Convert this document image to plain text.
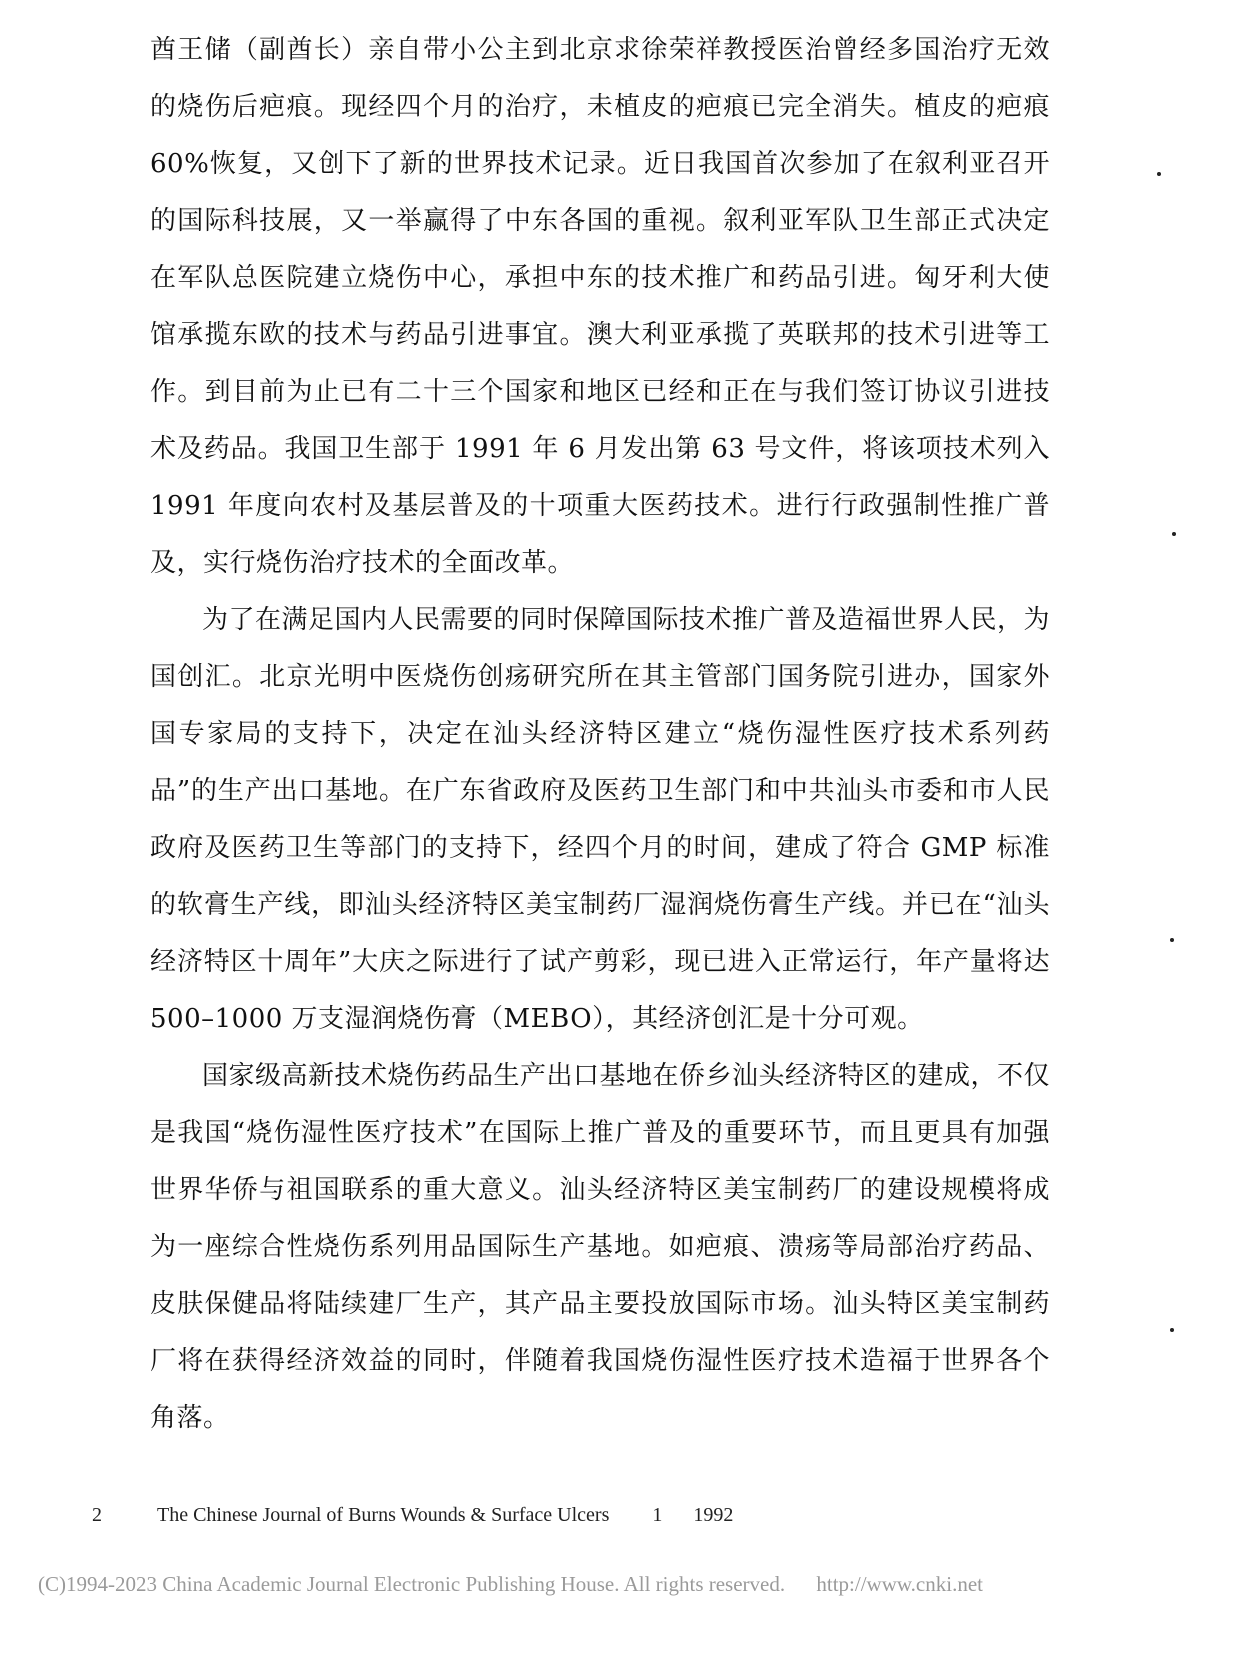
酋王储（副酋长）亲自带小公主到北京求徐荣祥教授医治曾经多国治疗无效的烧伤后疤痕。现经四个月的治疗，未植皮的疤痕已完全消失。植皮的疤痕 60%恢复，又创下了新的世界技术记录。近日我国首次参加了在叙利亚召开的国际科技展，又一举赢得了中东各国的重视。叙利亚军队卫生部正式决定在军队总医院建立烧伤中心，承担中东的技术推广和药品引进。匈牙利大使馆承揽东欧的技术与药品引进事宜。澳大利亚承揽了英联邦的技术引进等工作。到目前为止已有二十三个国家和地区已经和正在与我们签订协议引进技术及药品。我国卫生部于 1991 年 6 月发出第 63 号文件，将该项技术列入 1991 年度向农村及基层普及的十项重大医药技术。进行行政强制性推广普及，实行烧伤治疗技术的全面改革。

为了在满足国内人民需要的同时保障国际技术推广普及造福世界人民，为国创汇。北京光明中医烧伤创疡研究所在其主管部门国务院引进办，国家外国专家局的支持下，决定在汕头经济特区建立“烧伤湿性医疗技术系列药品”的生产出口基地。在广东省政府及医药卫生部门和中共汕头市委和市人民政府及医药卫生等部门的支持下，经四个月的时间，建成了符合 GMP 标准的软膏生产线，即汕头经济特区美宝制药厂湿润烧伤膏生产线。并已在“汕头经济特区十周年”大庆之际进行了试产剪彩，现已进入正常运行，年产量将达 500–1000 万支湿润烧伤膏（MEBO），其经济创汇是十分可观。

国家级高新技术烧伤药品生产出口基地在侨乡汕头经济特区的建成，不仅是我国“烧伤湿性医疗技术”在国际上推广普及的重要环节，而且更具有加强世界华侨与祖国联系的重大意义。汕头经济特区美宝制药厂的建设规模将成为一座综合性烧伤系列用品国际生产基地。如疤痕、溃疡等局部治疗药品、皮肤保健品将陆续建厂生产，其产品主要投放国际市场。汕头特区美宝制药厂将在获得经济效益的同时，伴随着我国烧伤湿性医疗技术造福于世界各个角落。

2	The Chinese Journal of Burns Wounds & Surface Ulcers 1 1992
(C)1994-2023 China Academic Journal Electronic Publishing House. All rights reserved. http://www.cnki.net
